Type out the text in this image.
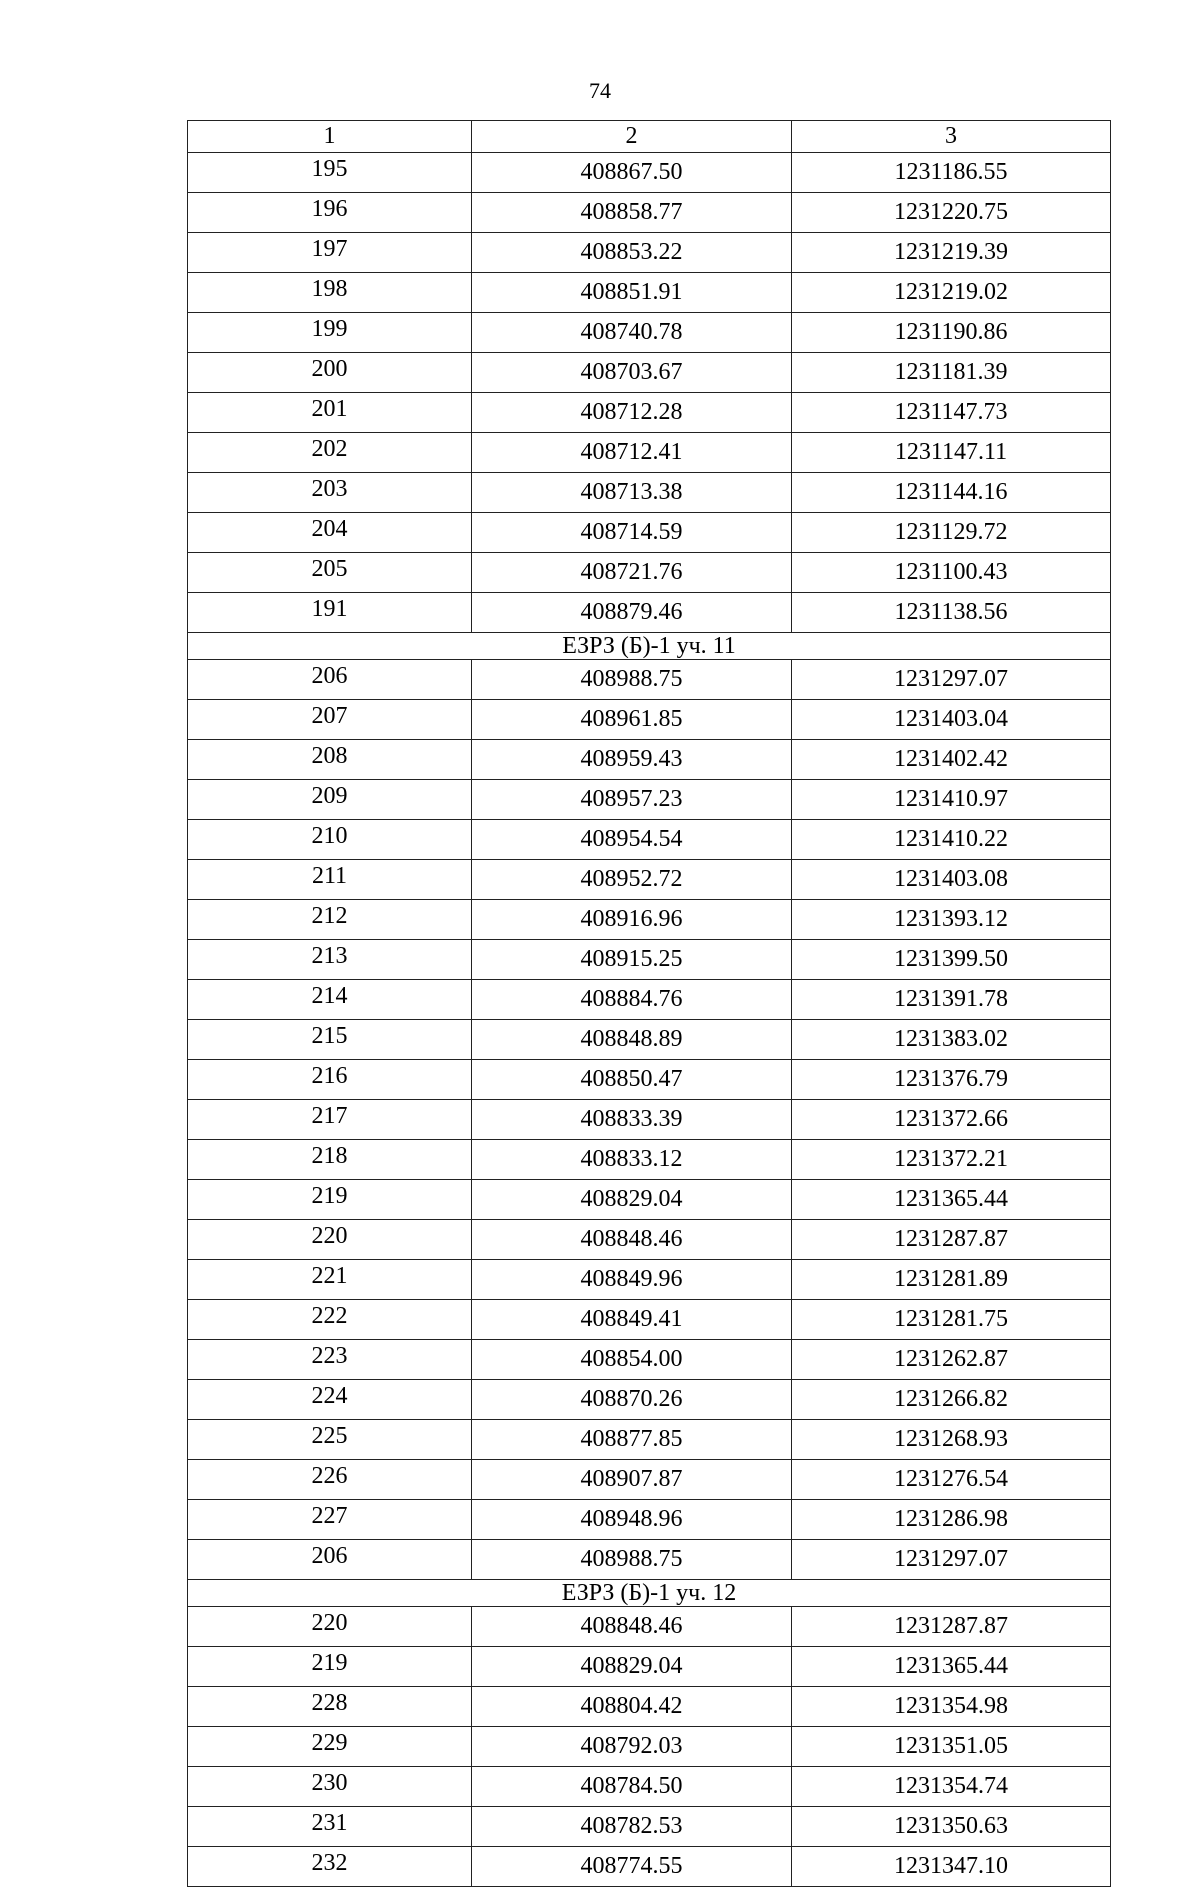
74
1	2	3
195	408867.50	1231186.55
196	408858.77	1231220.75
197	408853.22	1231219.39
198	408851.91	1231219.02
199	408740.78	1231190.86
200	408703.67	1231181.39
201	408712.28	1231147.73
202	408712.41	1231147.11
203	408713.38	1231144.16
204	408714.59	1231129.72
205	408721.76	1231100.43
191	408879.46	1231138.56
ЕЗРЗ (Б)-1 уч. 11		
206	408988.75	1231297.07
207	408961.85	1231403.04
208	408959.43	1231402.42
209	408957.23	1231410.97
210	408954.54	1231410.22
211	408952.72	1231403.08
212	408916.96	1231393.12
213	408915.25	1231399.50
214	408884.76	1231391.78
215	408848.89	1231383.02
216	408850.47	1231376.79
217	408833.39	1231372.66
218	408833.12	1231372.21
219	408829.04	1231365.44
220	408848.46	1231287.87
221	408849.96	1231281.89
222	408849.41	1231281.75
223	408854.00	1231262.87
224	408870.26	1231266.82
225	408877.85	1231268.93
226	408907.87	1231276.54
227	408948.96	1231286.98
206	408988.75	1231297.07
ЕЗРЗ (Б)-1 уч. 12		
220	408848.46	1231287.87
219	408829.04	1231365.44
228	408804.42	1231354.98
229	408792.03	1231351.05
230	408784.50	1231354.74
231	408782.53	1231350.63
232	408774.55	1231347.10
